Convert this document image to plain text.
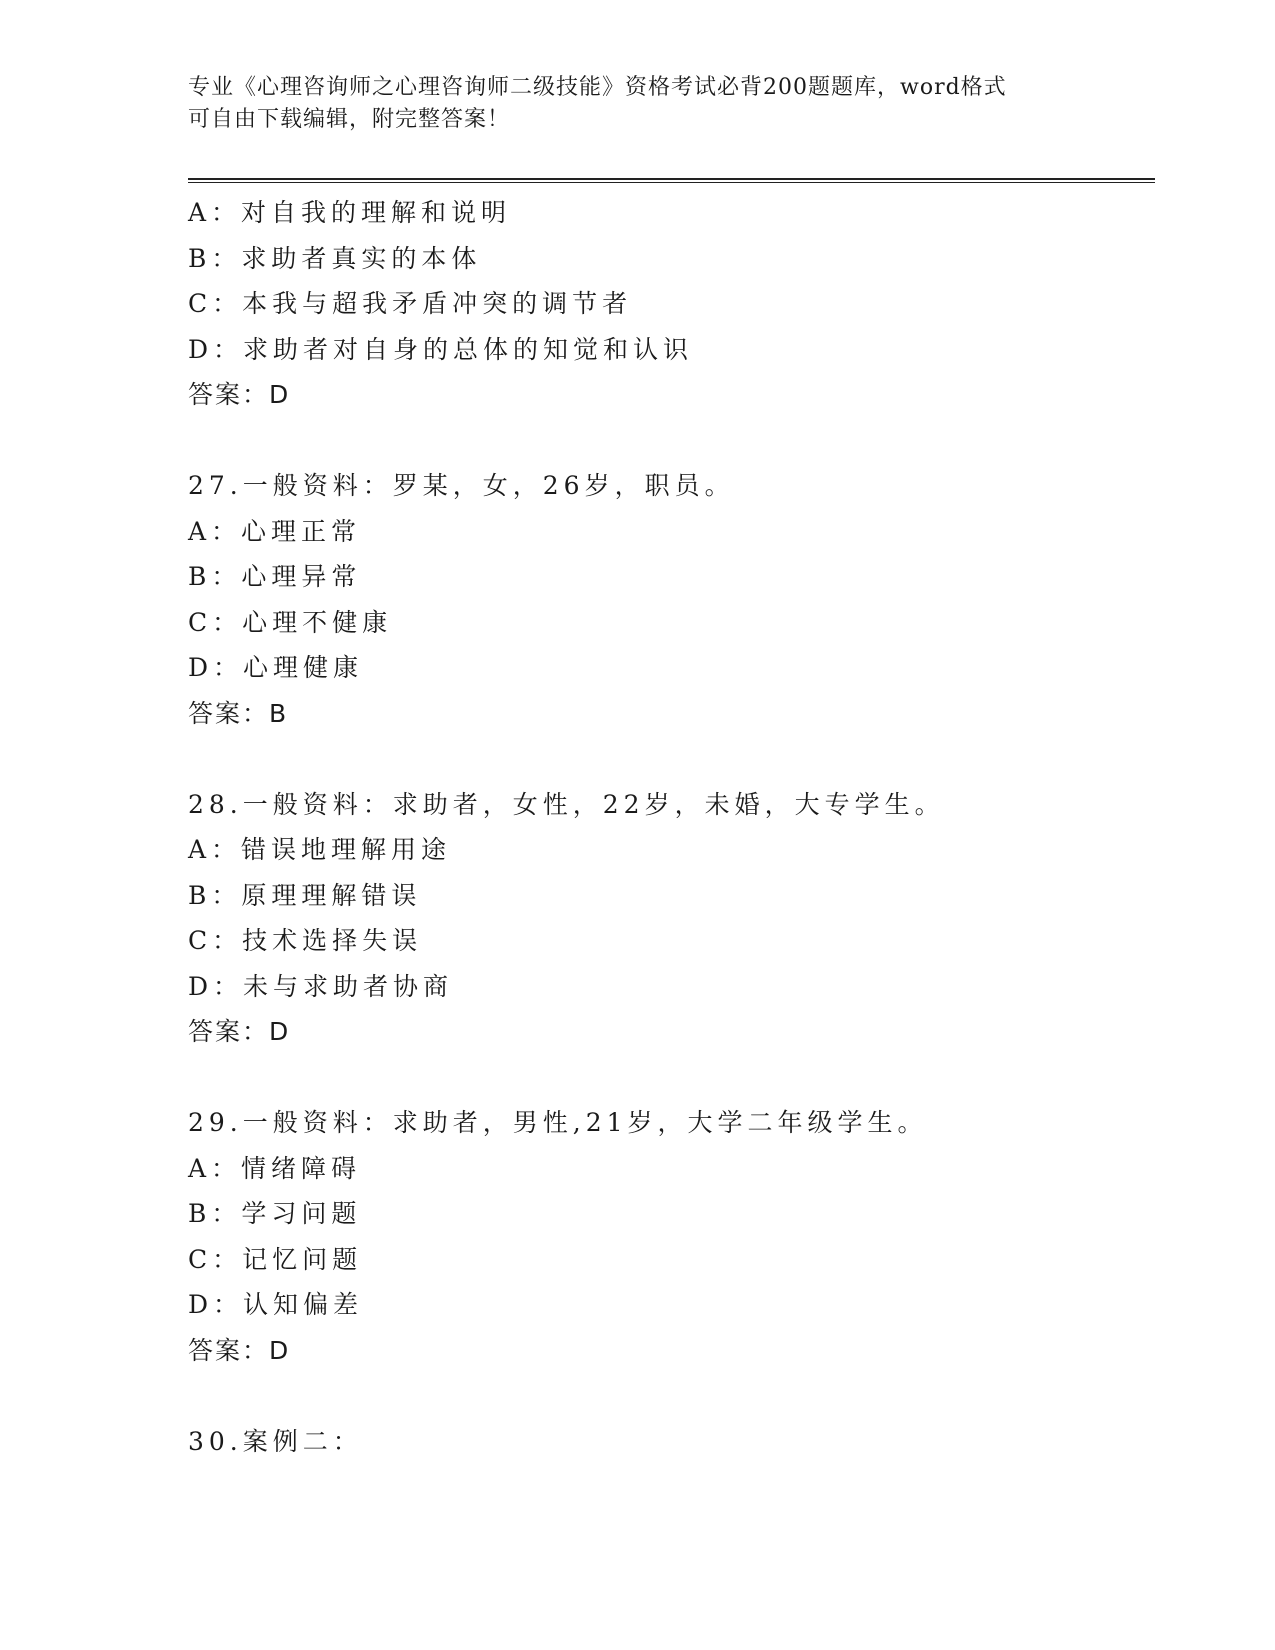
专业《心理咨询师之心理咨询师二级技能》资格考试必背200题题库，word格式
可自由下载编辑，附完整答案！
A：对自我的理解和说明
B：求助者真实的本体
C：本我与超我矛盾冲突的调节者
D：求助者对自身的总体的知觉和认识
答案：D
27.一般资料：罗某，女，26岁，职员。
A：心理正常
B：心理异常
C：心理不健康
D：心理健康
答案：B
28.一般资料：求助者，女性，22岁，未婚，大专学生。
A：错误地理解用途
B：原理理解错误
C：技术选择失误
D：未与求助者协商
答案：D
29.一般资料：求助者，男性,21岁，大学二年级学生。
A：情绪障碍
B：学习问题
C：记忆问题
D：认知偏差
答案：D
30.案例二：
